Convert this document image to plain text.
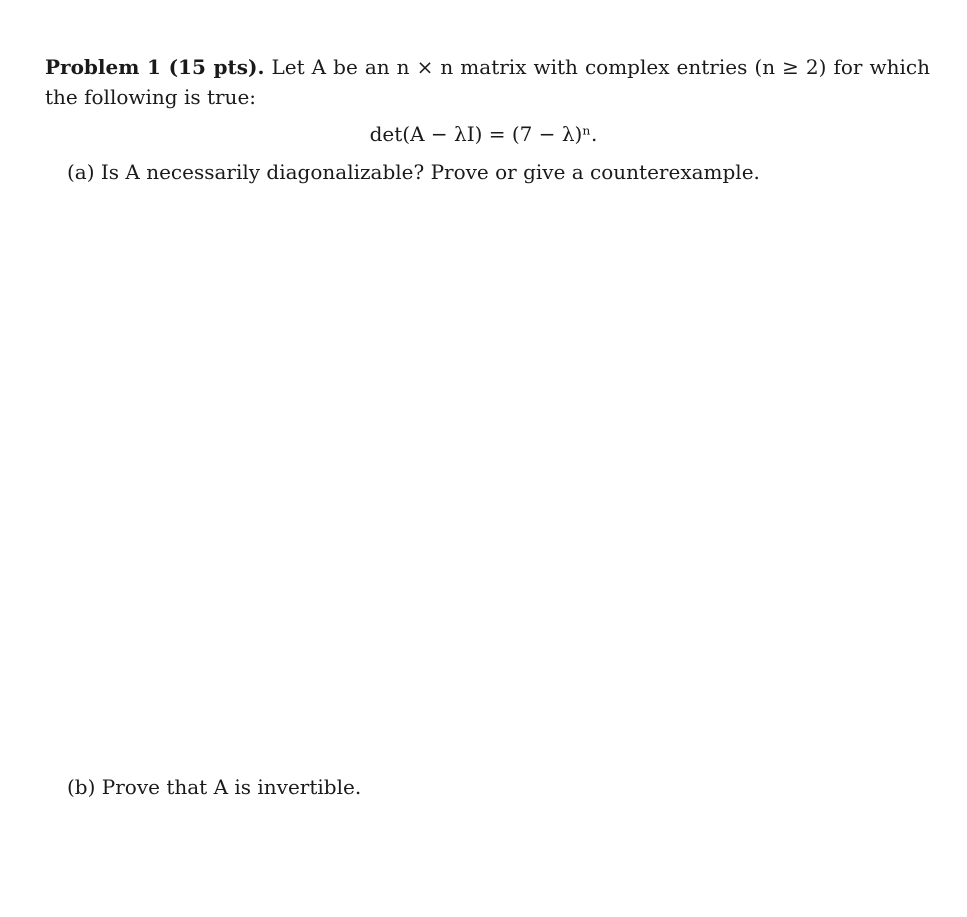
Problem 1 (15 pts). Let A be an n × n matrix with complex entries (n ≥ 2) for which the following is true:
det(A − λI) = (7 − λ)ⁿ.
(a) Is A necessarily diagonalizable? Prove or give a counterexample.
(b) Prove that A is invertible.
